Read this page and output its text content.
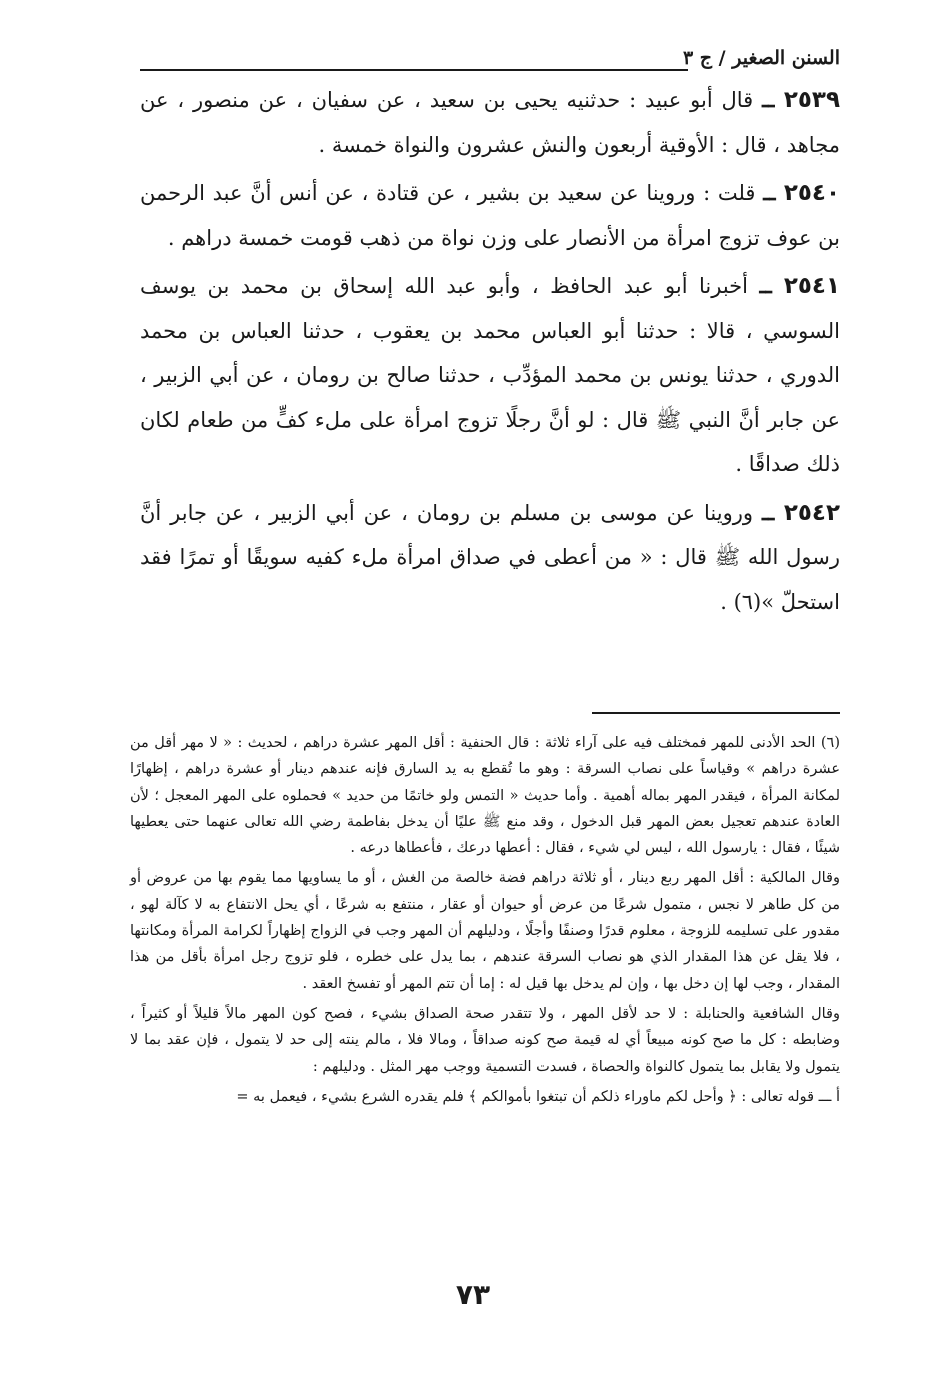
السنن الصغير / ج ٣

٢٥٣٩ ــ قال أبو عبيد : حدثنيه يحيى بن سعيد ، عن سفيان ، عن منصور ، عن مجاهد ، قال : الأوقية أربعون والنش عشرون والنواة خمسة .

٢٥٤٠ ــ قلت : وروينا عن سعيد بن بشير ، عن قتادة ، عن أنس أنَّ عبد الرحمن بن عوف تزوج امرأة من الأنصار على وزن نواة من ذهب قومت خمسة دراهم .

٢٥٤١ ــ أخبرنا أبو عبد الحافظ ، وأبو عبد الله إسحاق بن محمد بن يوسف السوسي ، قالا : حدثنا أبو العباس محمد بن يعقوب ، حدثنا العباس بن محمد الدوري ، حدثنا يونس بن محمد المؤدِّب ، حدثنا صالح بن رومان ، عن أبي الزبير ، عن جابر أنَّ النبي ﷺ قال : لو أنَّ رجلًا تزوج امرأة على ملء كفٍّ من طعام لكان ذلك صداقًا .

٢٥٤٢ ــ وروينا عن موسى بن مسلم بن رومان ، عن أبي الزبير ، عن جابر أنَّ رسول الله ﷺ قال : « من أعطى في صداق امرأة ملء كفيه سويقًا أو تمرًا فقد استحلّ »(٦) .

(٦) الحد الأدنى للمهر فمختلف فيه على آراء ثلاثة : قال الحنفية : أقل المهر عشرة دراهم ، لحديث : « لا مهر أقل من عشرة دراهم » وقياساً على نصاب السرقة : وهو ما تُقطع به يد السارق فإنه عندهم دينار أو عشرة دراهم ، إظهارًا لمكانة المرأة ، فيقدر المهر بماله أهمية . وأما حديث « التمس ولو خاتمًا من حديد » فحملوه على المهر المعجل ؛ لأن العادة عندهم تعجيل بعض المهر قبل الدخول ، وقد منع ﷺ عليًا أن يدخل بفاطمة رضي الله تعالى عنهما حتى يعطيها شيئًا ، فقال : يارسول الله ، ليس لي شيء ، فقال : أعطها درعك ، فأعطاها درعه .

وقال المالكية : أقل المهر ربع دينار ، أو ثلاثة دراهم فضة خالصة من الغش ، أو ما يساويها مما يقوم بها من عروض أو من كل طاهر لا نجس ، متمول شرعًا من عرض أو حيوان أو عقار ، منتفع به شرعًا ، أي يحل الانتفاع به لا كآلة لهو ، مقدور على تسليمه للزوجة ، معلوم قدرًا وصنفًا وأجلًا ، ودليلهم أن المهر وجب في الزواج إظهاراً لكرامة المرأة ومكانتها ، فلا يقل عن هذا المقدار الذي هو نصاب السرقة عندهم ، بما يدل على خطره ، فلو تزوج رجل امرأة بأقل من هذا المقدار ، وجب لها إن دخل بها ، وإن لم يدخل بها قيل له : إما أن تتم المهر أو تفسخ العقد .

وقال الشافعية والحنابلة : لا حد لأقل المهر ، ولا تتقدر صحة الصداق بشيء ، فصح كون المهر مالاً قليلاً أو كثيراً ، وضابطه : كل ما صح كونه مبيعاً أي له قيمة صح كونه صداقاً ، ومالا فلا ، مالم ينته إلى حد لا يتمول ، فإن عقد بما لا يتمول ولا يقابل بما يتمول كالنواة والحصاة ، فسدت التسمية ووجب مهر المثل . ودليلهم :

أ ـــ قوله تعالى : ﴿ وأحل لكم ماوراء ذلكم أن تبتغوا بأموالكم ﴾ فلم يقدره الشرع بشيء ، فيعمل به =

٧٣
